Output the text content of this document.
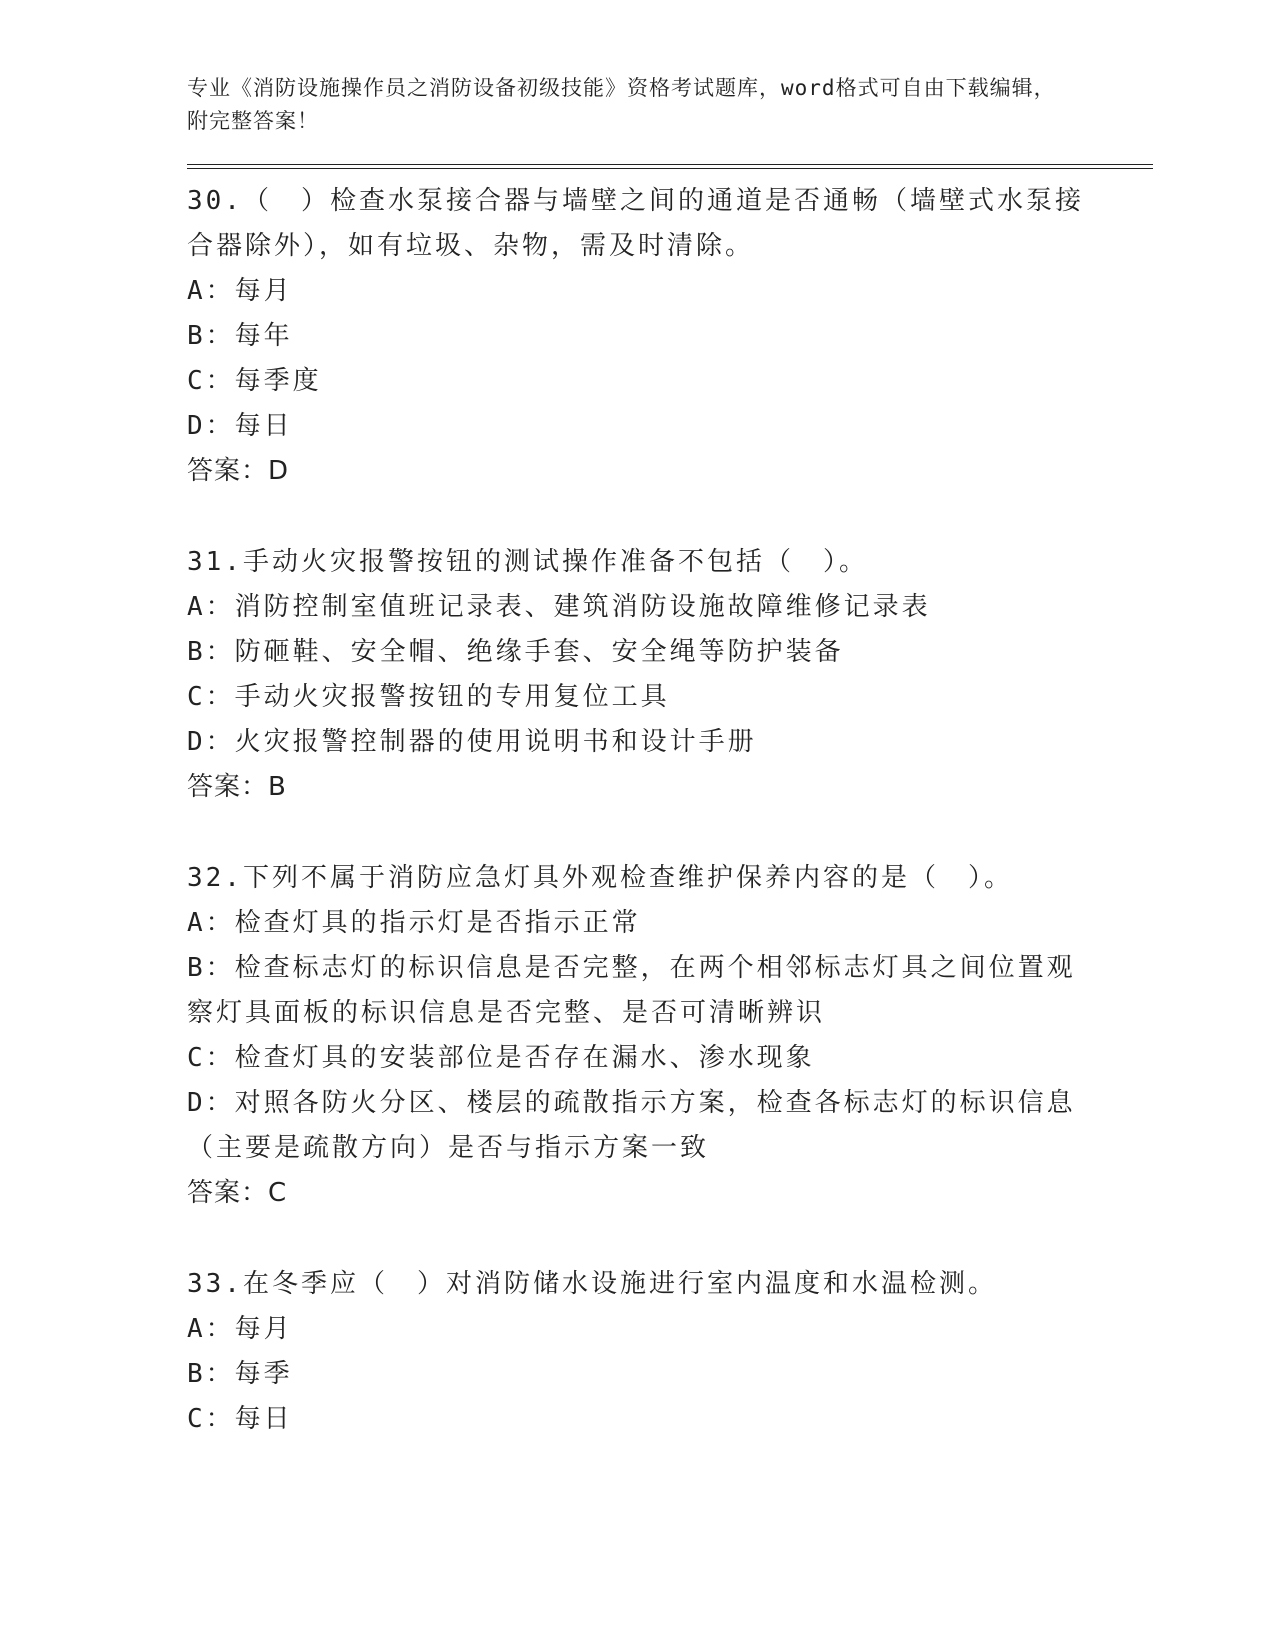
专业《消防设施操作员之消防设备初级技能》资格考试题库，word格式可自由下载编辑，附完整答案！

30.（　）检查水泵接合器与墙壁之间的通道是否通畅（墙壁式水泵接合器除外），如有垃圾、杂物，需及时清除。

A：每月

B：每年

C：每季度

D：每日

答案：D

31.手动火灾报警按钮的测试操作准备不包括（　）。

A：消防控制室值班记录表、建筑消防设施故障维修记录表

B：防砸鞋、安全帽、绝缘手套、安全绳等防护装备

C：手动火灾报警按钮的专用复位工具

D：火灾报警控制器的使用说明书和设计手册

答案：B

32.下列不属于消防应急灯具外观检查维护保养内容的是（　）。

A：检查灯具的指示灯是否指示正常

B：检查标志灯的标识信息是否完整，在两个相邻标志灯具之间位置观察灯具面板的标识信息是否完整、是否可清晰辨识

C：检查灯具的安装部位是否存在漏水、渗水现象

D：对照各防火分区、楼层的疏散指示方案，检查各标志灯的标识信息（主要是疏散方向）是否与指示方案一致

答案：C

33.在冬季应（　）对消防储水设施进行室内温度和水温检测。

A：每月

B：每季

C：每日
